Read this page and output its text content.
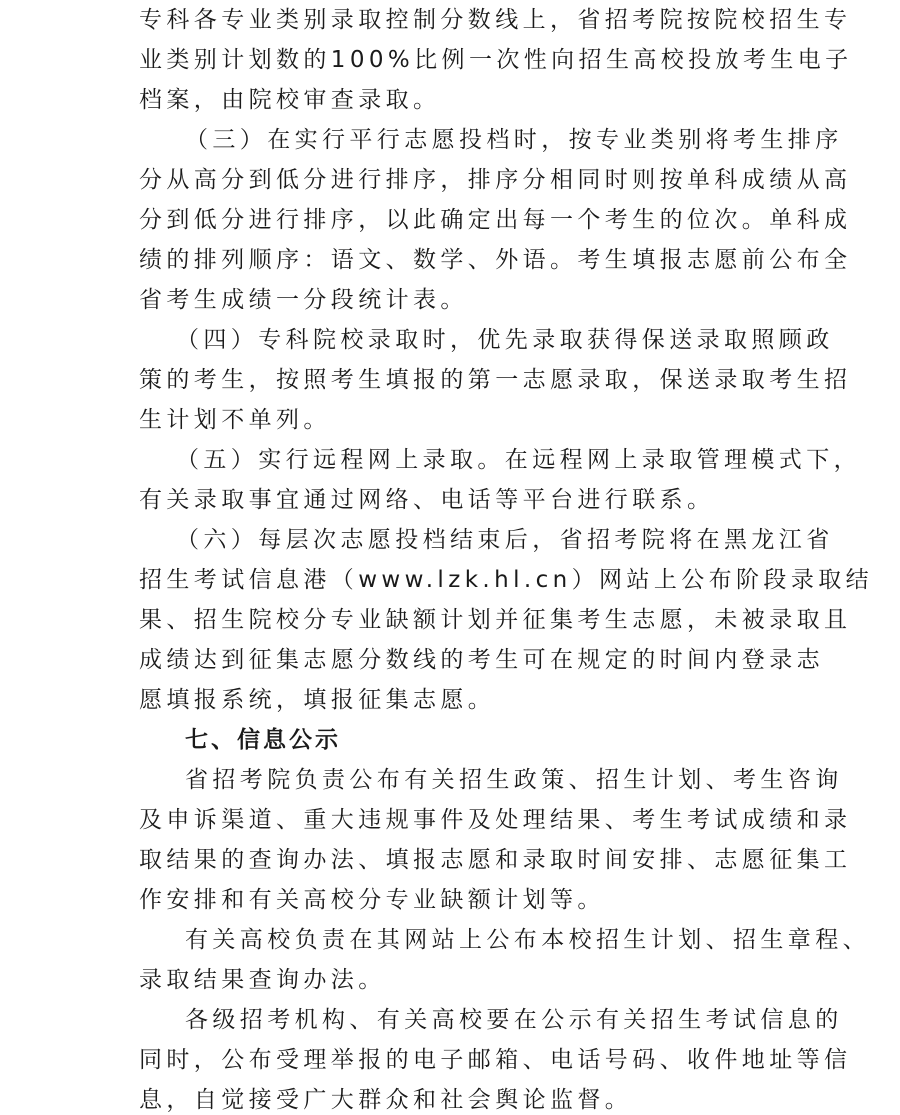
专科各专业类别录取控制分数线上，省招考院按院校招生专
业类别计划数的100%比例一次性向招生高校投放考生电子
档案，由院校审查录取。
（三）在实行平行志愿投档时，按专业类别将考生排序
分从高分到低分进行排序，排序分相同时则按单科成绩从高
分到低分进行排序，以此确定出每一个考生的位次。单科成
绩的排列顺序：语文、数学、外语。考生填报志愿前公布全
省考生成绩一分段统计表。
（四）专科院校录取时，优先录取获得保送录取照顾政
策的考生，按照考生填报的第一志愿录取，保送录取考生招
生计划不单列。
（五）实行远程网上录取。在远程网上录取管理模式下，
有关录取事宜通过网络、电话等平台进行联系。
（六）每层次志愿投档结束后，省招考院将在黑龙江省
招生考试信息港（www.lzk.hl.cn）网站上公布阶段录取结
果、招生院校分专业缺额计划并征集考生志愿，未被录取且
成绩达到征集志愿分数线的考生可在规定的时间内登录志
愿填报系统，填报征集志愿。
七、信息公示
省招考院负责公布有关招生政策、招生计划、考生咨询
及申诉渠道、重大违规事件及处理结果、考生考试成绩和录
取结果的查询办法、填报志愿和录取时间安排、志愿征集工
作安排和有关高校分专业缺额计划等。
有关高校负责在其网站上公布本校招生计划、招生章程、
录取结果查询办法。
各级招考机构、有关高校要在公示有关招生考试信息的
同时，公布受理举报的电子邮箱、电话号码、收件地址等信
息，自觉接受广大群众和社会舆论监督。
